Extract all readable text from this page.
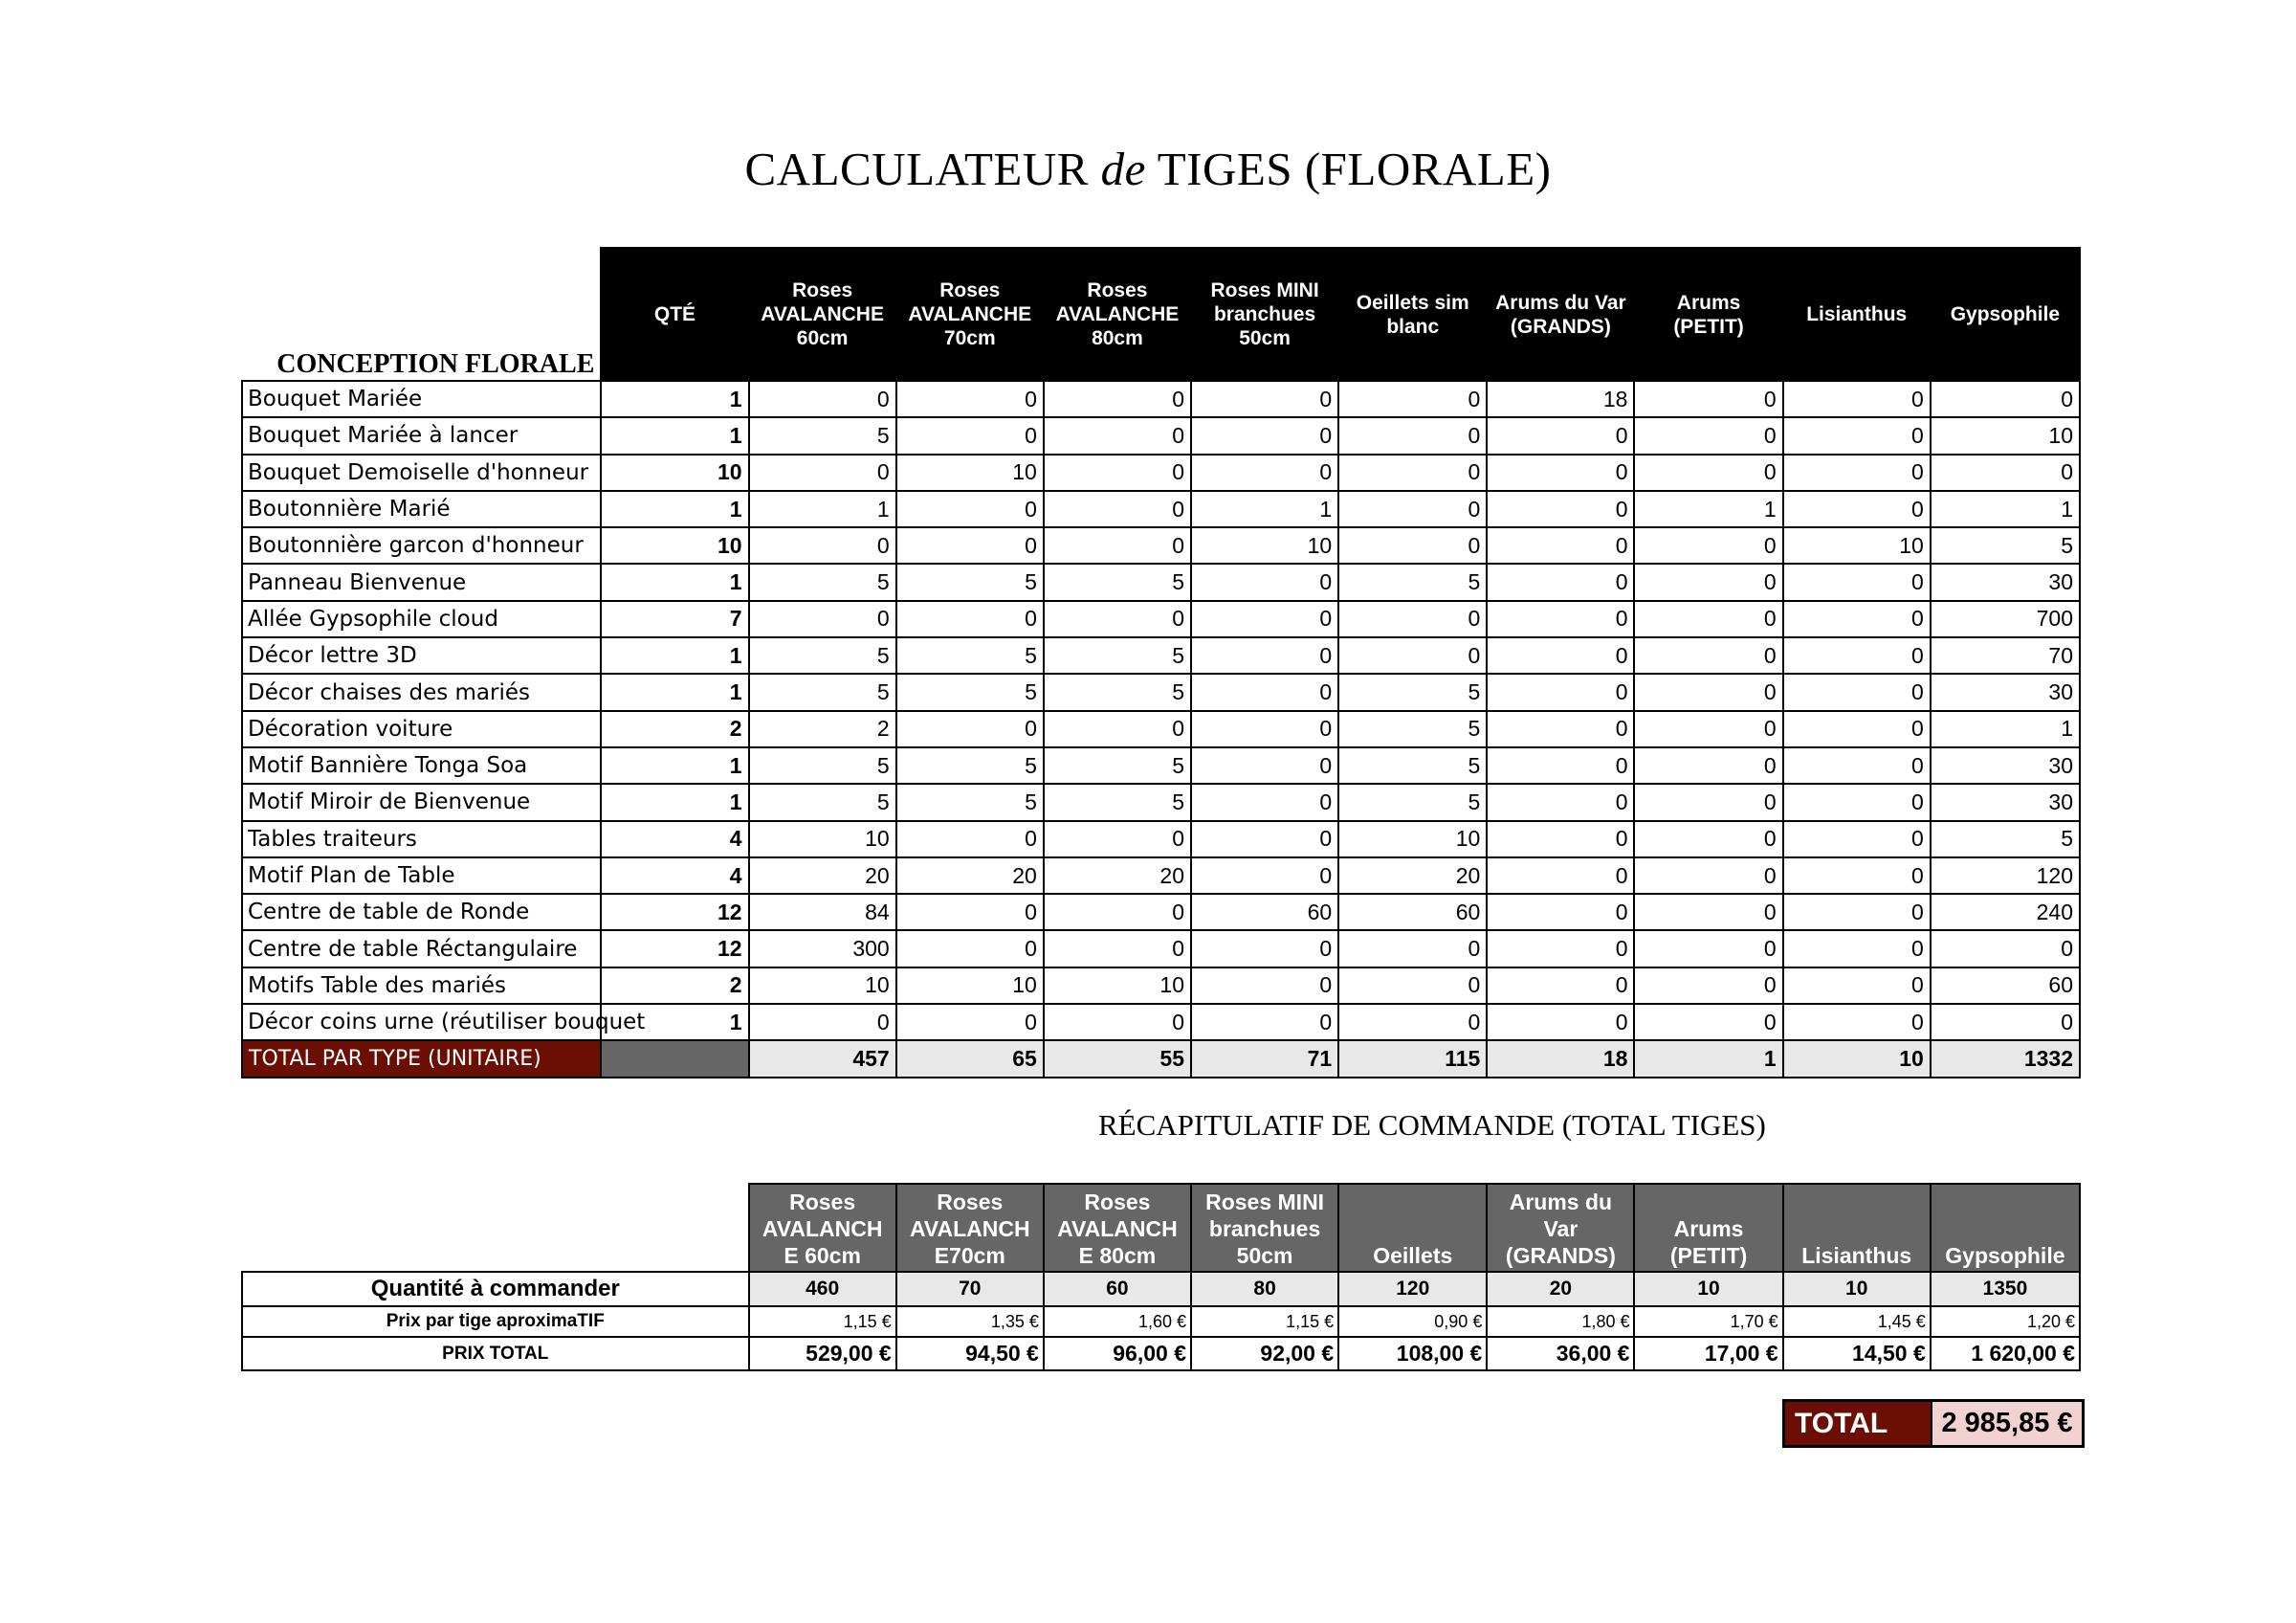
CALCULATEUR de TIGES (FLORALE)
CONCEPTION FLORALE	QTÉ	Roses AVALANCHE 60cm	Roses AVALANCHE 70cm	Roses AVALANCHE 80cm	Roses MINI branchues 50cm	Oeillets sim blanc	Arums du Var (GRANDS)	Arums (PETIT)	Lisianthus	Gypsophile
Bouquet Mariée	1	0	0	0	0	0	18	0	0	0
Bouquet Mariée à lancer	1	5	0	0	0	0	0	0	0	10
Bouquet Demoiselle d'honneur	10	0	10	0	0	0	0	0	0	0
Boutonnière Marié	1	1	0	0	1	0	0	1	0	1
Boutonnière garcon d'honneur	10	0	0	0	10	0	0	0	10	5
Panneau Bienvenue	1	5	5	5	0	5	0	0	0	30
Allée Gypsophile cloud	7	0	0	0	0	0	0	0	0	700
Décor lettre 3D	1	5	5	5	0	0	0	0	0	70
Décor chaises des mariés	1	5	5	5	0	5	0	0	0	30
Décoration voiture	2	2	0	0	0	5	0	0	0	1
Motif Bannière Tonga Soa	1	5	5	5	0	5	0	0	0	30
Motif Miroir de Bienvenue	1	5	5	5	0	5	0	0	0	30
Tables traiteurs	4	10	0	0	0	10	0	0	0	5
Motif Plan de Table	4	20	20	20	0	20	0	0	0	120
Centre de table de Ronde	12	84	0	0	60	60	0	0	0	240
Centre de table Réctangulaire	12	300	0	0	0	0	0	0	0	0
Motifs Table des mariés	2	10	10	10	0	0	0	0	0	60
Décor coins urne (réutiliser bouquet	1	0	0	0	0	0	0	0	0	0
TOTAL PAR TYPE (UNITAIRE)		457	65	55	71	115	18	1	10	1332
RÉCAPITULATIF DE COMMANDE (TOTAL TIGES)
	Roses AVALANCH E 60cm	Roses AVALANCH E70cm	Roses AVALANCH E 80cm	Roses MINI branchues 50cm	Oeillets	Arums du Var (GRANDS)	Arums (PETIT)	Lisianthus	Gypsophile
Quantité à commander	460	70	60	80	120	20	10	10	1350
Prix par tige aproximaTIF	1,15 €	1,35 €	1,60 €	1,15 €	0,90 €	1,80 €	1,70 €	1,45 €	1,20 €
PRIX TOTAL	529,00 €	94,50 €	96,00 €	92,00 €	108,00 €	36,00 €	17,00 €	14,50 €	1 620,00 €
TOTAL	2 985,85 €
